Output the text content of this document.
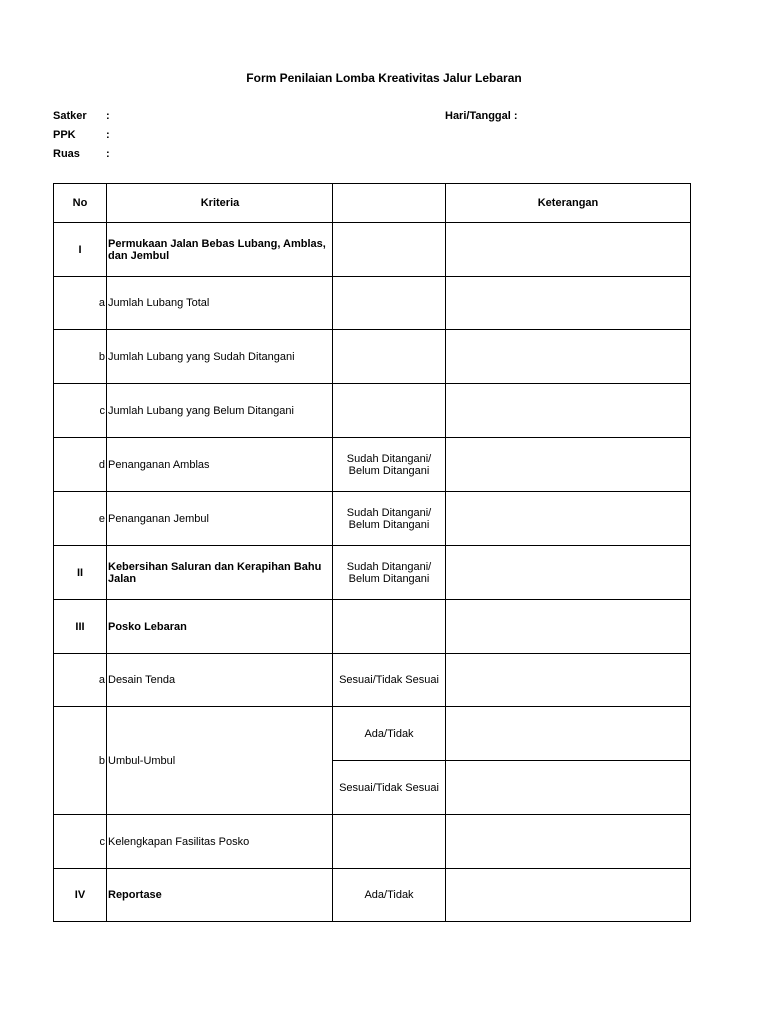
Form Penilaian Lomba Kreativitas Jalur Lebaran
Satker :
PPK	:
Ruas :
Hari/Tanggal :
No	Kriteria		Keterangan
I	Permukaan Jalan Bebas Lubang, Amblas, dan Jembul		

a	Jumlah Lubang Total		

b	Jumlah Lubang yang Sudah Ditangani		

c	Jumlah Lubang yang Belum Ditangani		

d	Penanganan Amblas	Sudah Ditangani/ Belum Ditangani	

e	Penanganan Jembul	Sudah Ditangani/ Belum Ditangani	

II	Kebersihan Saluran dan Kerapihan Bahu Jalan	Sudah Ditangani/ Belum Ditangani	

III	Posko Lebaran		

a	Desain Tenda	Sesuai/Tidak Sesuai	

b	Umbul-Umbul	Ada/Tidak	
		Sesuai/Tidak Sesuai	

c	Kelengkapan Fasilitas Posko		

IV	Reportase	Ada/Tidak	
